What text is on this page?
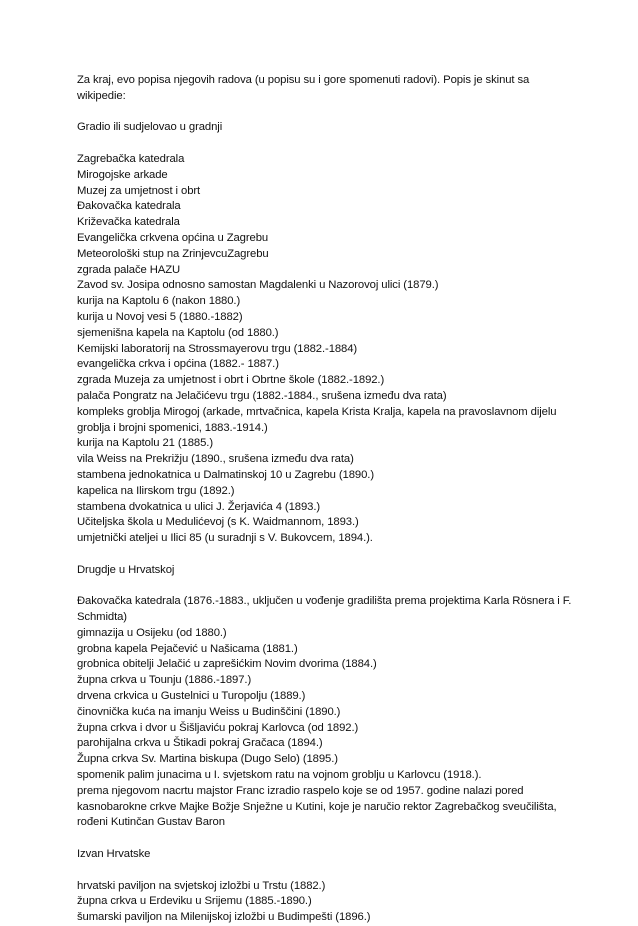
Za kraj, evo popisa njegovih radova (u popisu su i gore spomenuti radovi). Popis je skinut sa
wikipedie:
Gradio ili sudjelovao u gradnji
Zagrebačka katedrala
Mirogojske arkade
Muzej za umjetnost i obrt
Đakovačka katedrala
Križevačka katedrala
Evangelička crkvena općina u Zagrebu
Meteorološki stup na ZrinjevcuZagrebu
zgrada palače HAZU
Zavod sv. Josipa odnosno samostan Magdalenki u Nazorovoj ulici (1879.)
kurija na Kaptolu 6 (nakon 1880.)
kurija u Novoj vesi 5 (1880.-1882)
sjemenišna kapela na Kaptolu (od 1880.)
Kemijski laboratorij na Strossmayerovu trgu (1882.-1884)
evangelička crkva i općina (1882.- 1887.)
zgrada Muzeja za umjetnost i obrt i Obrtne škole (1882.-1892.)
palača Pongratz na Jelačićevu trgu (1882.-1884., srušena između dva rata)
kompleks groblja Mirogoj (arkade, mrtvačnica, kapela Krista Kralja, kapela na pravoslavnom dijelu
groblja i brojni spomenici, 1883.-1914.)
kurija na Kaptolu 21 (1885.)
vila Weiss na Prekrižju (1890., srušena između dva rata)
stambena jednokatnica u Dalmatinskoj 10 u Zagrebu (1890.)
kapelica na Ilirskom trgu (1892.)
stambena dvokatnica u ulici J. Žerjavića 4 (1893.)
Učiteljska škola u Medulićevoj (s K. Waidmannom, 1893.)
umjetnički ateljei u Ilici 85 (u suradnji s V. Bukovcem, 1894.).
Drugdje u Hrvatskoj
Đakovačka katedrala (1876.-1883., uključen u vođenje gradilišta prema projektima Karla Rösnera i F.
Schmidta)
gimnazija u Osijeku (od 1880.)
grobna kapela Pejačević u Našicama (1881.)
grobnica obitelji Jelačić u zaprešićkim Novim dvorima (1884.)
župna crkva u Tounju (1886.-1897.)
drvena crkvica u Gustelnici u Turopolju (1889.)
činovnička kuća na imanju Weiss u Budinščini (1890.)
župna crkva i dvor u Šišljaviću pokraj Karlovca (od 1892.)
parohijalna crkva u Štikadi pokraj Gračaca (1894.)
Župna crkva Sv. Martina biskupa (Dugo Selo) (1895.)
spomenik palim junacima u I. svjetskom ratu na vojnom groblju u Karlovcu (1918.).
prema njegovom nacrtu majstor Franc izradio raspelo koje se od 1957. godine nalazi pored
kasnobarokne crkve Majke Božje Snježne u Kutini, koje je naručio rektor Zagrebačkog sveučilišta,
rođeni Kutinčan Gustav Baron
Izvan Hrvatske
hrvatski paviljon na svjetskoj izložbi u Trstu (1882.)
župna crkva u Erdeviku u Srijemu (1885.-1890.)
šumarski paviljon na Milenijskoj izložbi u Budimpešti (1896.)
